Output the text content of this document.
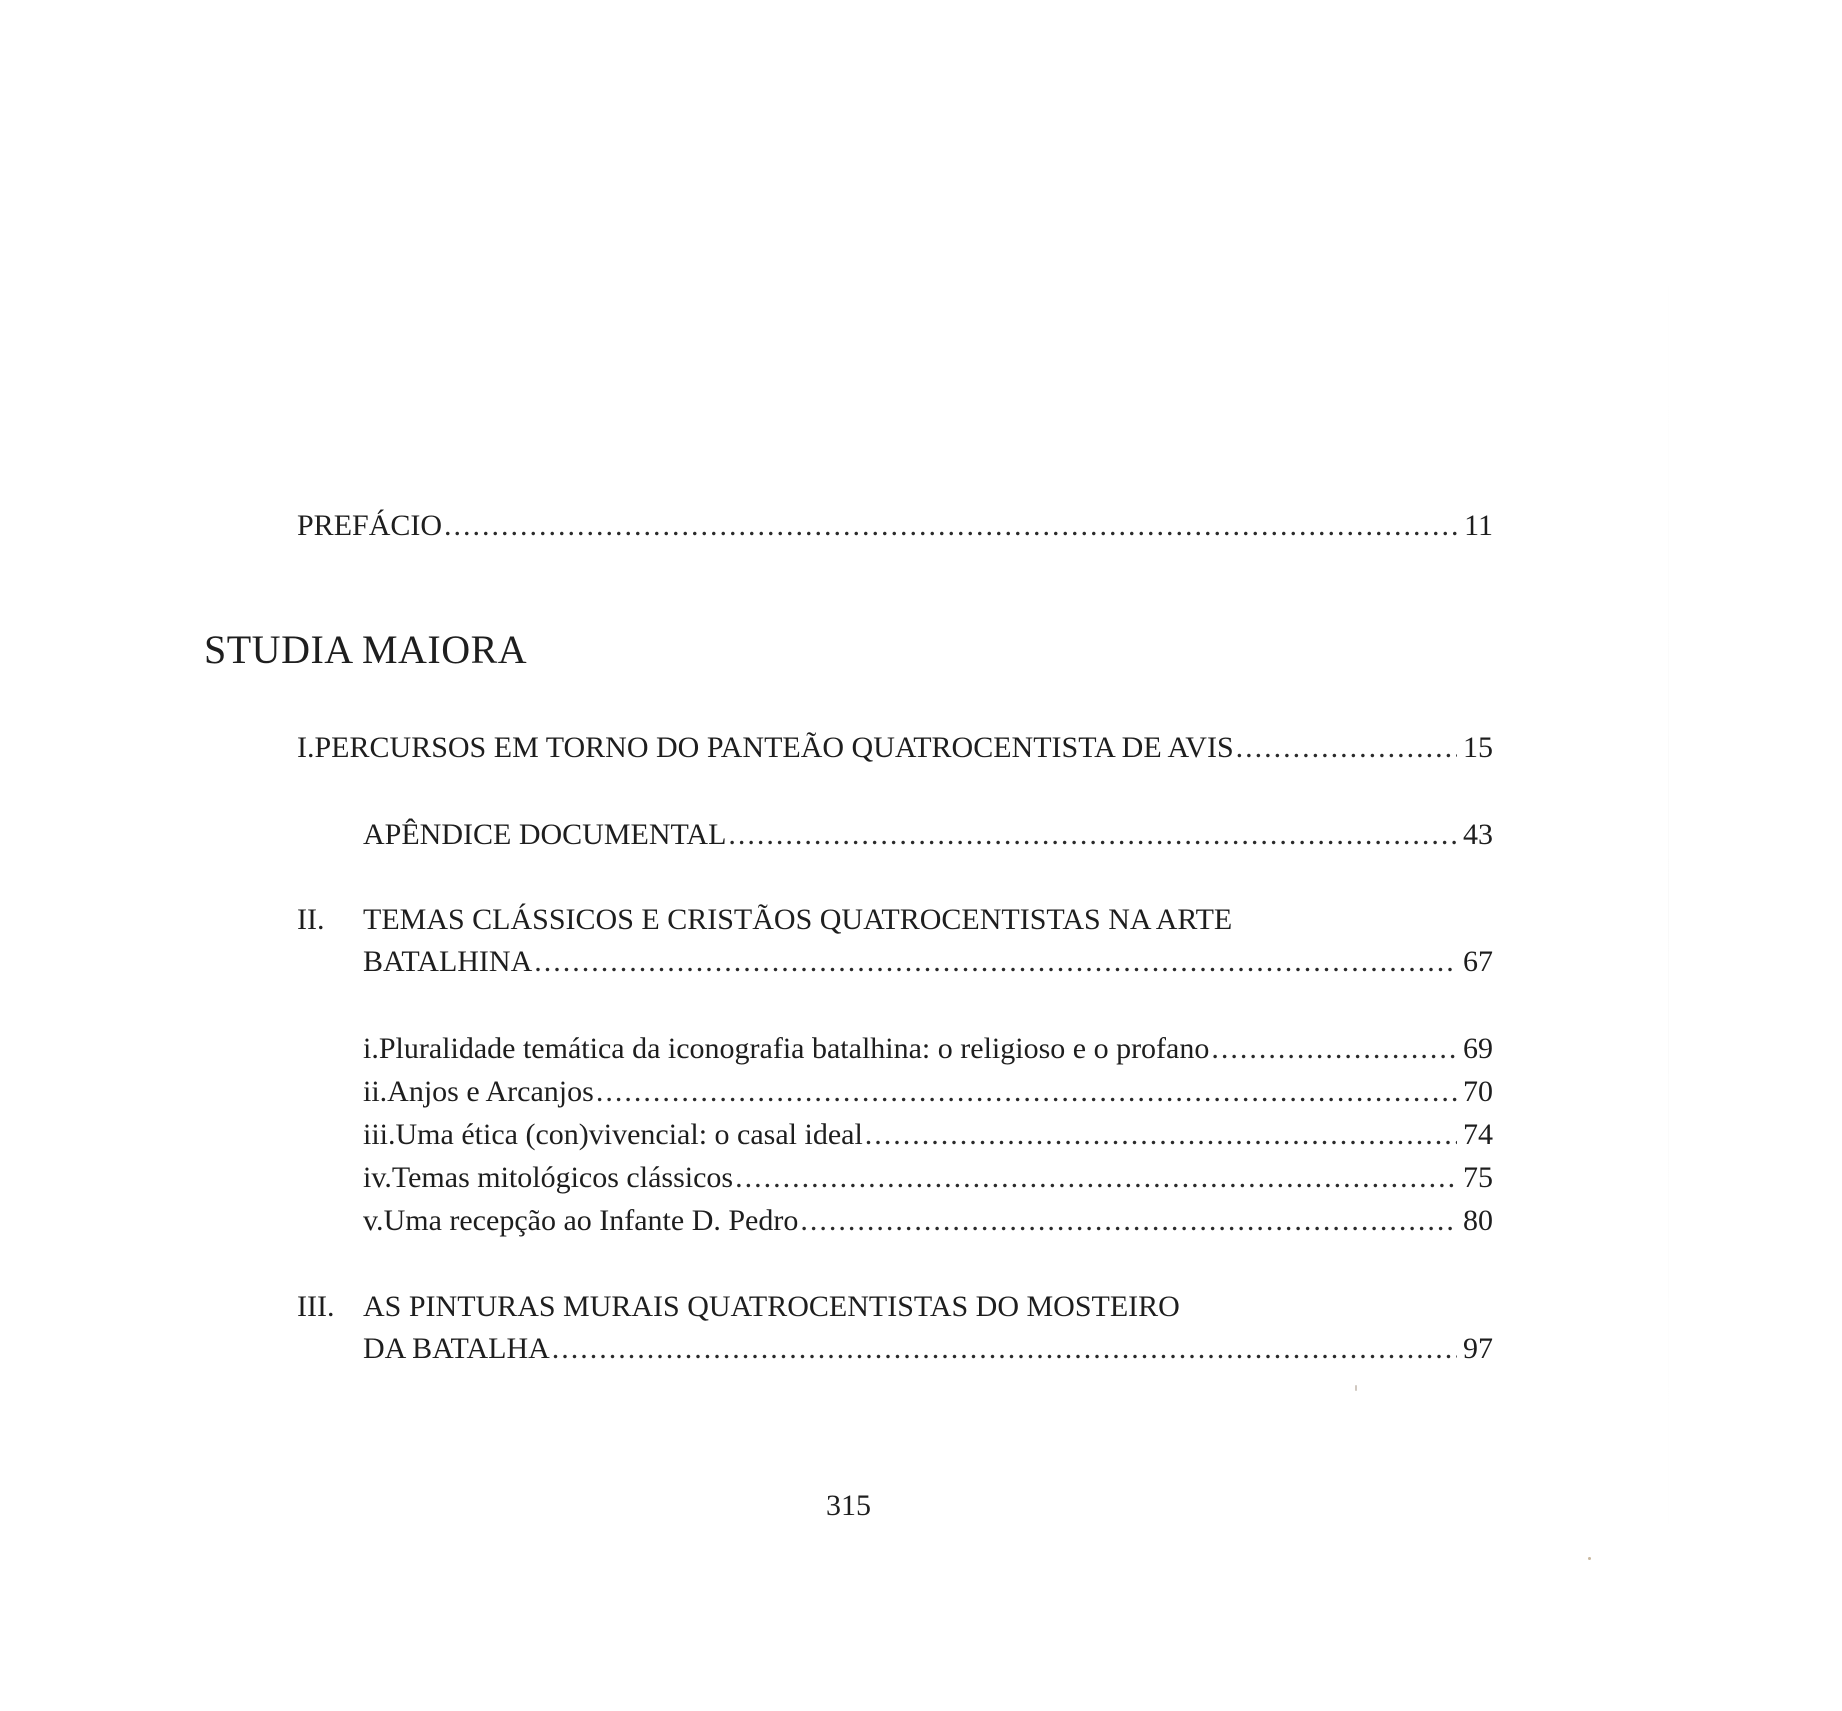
PREFÁCIO .....	11
STUDIA MAIORA
I. PERCURSOS EM TORNO DO PANTEÃO QUATROCENTISTA DE AVIS .....	15
APÊNDICE DOCUMENTAL .....	43
II. TEMAS CLÁSSICOS E CRISTÃOS QUATROCENTISTAS NA ARTE
BATALHINA .....	67
i. Pluralidade temática da iconografia batalhina: o religioso e o profano .....	69
ii. Anjos e Arcanjos .....	70
iii. Uma ética (con)vivencial: o casal ideal .....	74
iv. Temas mitológicos clássicos .....	75
v. Uma recepção ao Infante D. Pedro .....	80
III. AS PINTURAS MURAIS QUATROCENTISTAS DO MOSTEIRO
DA BATALHA .....	97
315
